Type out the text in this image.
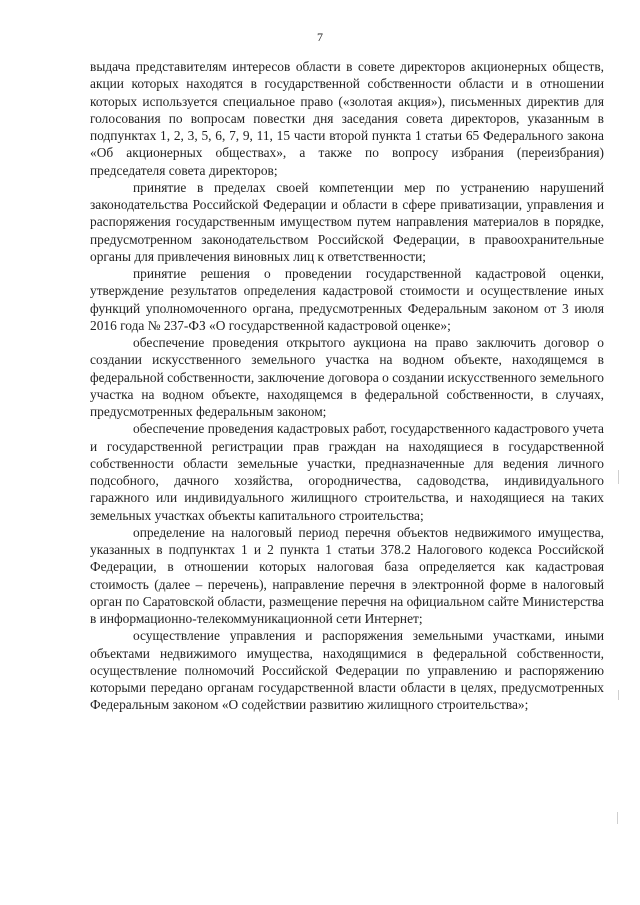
7

выдача представителям интересов области в совете директоров акционерных обществ, акции которых находятся в государственной собственности области и в отношении которых используется специальное право («золотая акция»), письменных директив для голосования по вопросам повестки дня заседания совета директоров, указанным в подпунктах 1, 2, 3, 5, 6, 7, 9, 11, 15 части второй пункта 1 статьи 65 Федерального закона «Об акционерных обществах», а также по вопросу избрания (переизбрания) председателя совета директоров;

принятие в пределах своей компетенции мер по устранению нарушений законодательства Российской Федерации и области в сфере приватизации, управления и распоряжения государственным имуществом путем направления материалов в порядке, предусмотренном законодательством Российской Федерации, в правоохранительные органы для привлечения виновных лиц к ответственности;

принятие решения о проведении государственной кадастровой оценки, утверждение результатов определения кадастровой стоимости и осуществление иных функций уполномоченного органа, предусмотренных Федеральным законом от 3 июля 2016 года № 237-ФЗ «О государственной кадастровой оценке»;

обеспечение проведения открытого аукциона на право заключить договор о создании искусственного земельного участка на водном объекте, находящемся в федеральной собственности, заключение договора о создании искусственного земельного участка на водном объекте, находящемся в федеральной собственности, в случаях, предусмотренных федеральным законом;

обеспечение проведения кадастровых работ, государственного кадастрового учета и государственной регистрации прав граждан на находящиеся в государственной собственности области земельные участки, предназначенные для ведения личного подсобного, дачного хозяйства, огородничества, садоводства, индивидуального гаражного или индивидуального жилищного строительства, и находящиеся на таких земельных участках объекты капитального строительства;

определение на налоговый период перечня объектов недвижимого имущества, указанных в подпунктах 1 и 2 пункта 1 статьи 378.2 Налогового кодекса Российской Федерации, в отношении которых налоговая база определяется как кадастровая стоимость (далее – перечень), направление перечня в электронной форме в налоговый орган по Саратовской области, размещение перечня на официальном сайте Министерства в информационно-телекоммуникационной сети Интернет;

осуществление управления и распоряжения земельными участками, иными объектами недвижимого имущества, находящимися в федеральной собственности, осуществление полномочий Российской Федерации по управлению и распоряжению которыми передано органам государственной власти области в целях, предусмотренных Федеральным законом «О содействии развитию жилищного строительства»;
